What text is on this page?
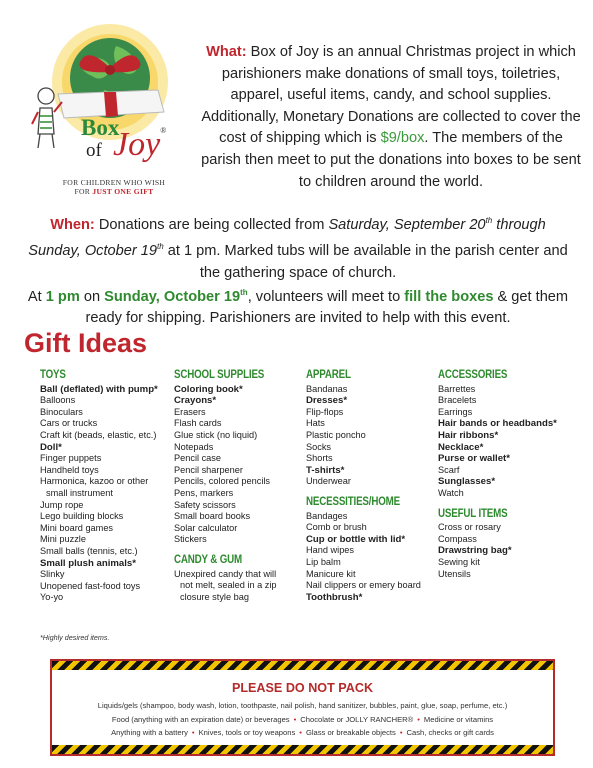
Box
of Joy®
FOR CHILDREN WHO WISH
FOR JUST ONE GIFT

What: Box of Joy is an annual Christmas project in which parishioners make donations of small toys, toiletries, apparel, useful items, candy, and school supplies. Additionally, Monetary Donations are collected to cover the cost of shipping which is $9/box. The members of the parish then meet to put the donations into boxes to be sent to children around the world.

When: Donations are being collected from Saturday, September 20th through Sunday, October 19th at 1 pm. Marked tubs will be available in the parish center and the gathering space of church.

At 1 pm on Sunday, October 19th, volunteers will meet to fill the boxes & get them ready for shipping. Parishioners are invited to help with this event.

Gift Ideas
TOYS
Ball (deflated) with pump*
Balloons
Binoculars
Cars or trucks
Craft kit (beads, elastic, etc.)
Doll*
Finger puppets
Handheld toys
Harmonica, kazoo or other
small instrument
Jump rope
Lego building blocks
Mini board games
Mini puzzle
Small balls (tennis, etc.)
Small plush animals*
Slinky
Unopened fast-food toys
Yo-yo
SCHOOL SUPPLIES
Coloring book*
Crayons*
Erasers
Flash cards
Glue stick (no liquid)
Notepads
Pencil case
Pencil sharpener
Pencils, colored pencils
Pens, markers
Safety scissors
Small board books
Solar calculator
Stickers
CANDY & GUM
Unexpired candy that will
not melt, sealed in a zip
closure style bag
APPAREL
Bandanas
Dresses*
Flip-flops
Hats
Plastic poncho
Socks
Shorts
T-shirts*
Underwear
NECESSITIES/HOME
Bandages
Comb or brush
Cup or bottle with lid*
Hand wipes
Lip balm
Manicure kit
Nail clippers or emery board
Toothbrush*
ACCESSORIES
Barrettes
Bracelets
Earrings
Hair bands or headbands*
Hair ribbons*
Necklace*
Purse or wallet*
Scarf
Sunglasses*
Watch
USEFUL ITEMS
Cross or rosary
Compass
Drawstring bag*
Sewing kit
Utensils
*Highly desired items.
PLEASE DO NOT PACK
Liquids/gels (shampoo, body wash, lotion, toothpaste, nail polish, hand sanitizer, bubbles, paint, glue, soap, perfume, etc.)
Food (anything with an expiration date) or beverages • Chocolate or JOLLY RANCHER® • Medicine or vitamins
Anything with a battery • Knives, tools or toy weapons • Glass or breakable objects • Cash, checks or gift cards
